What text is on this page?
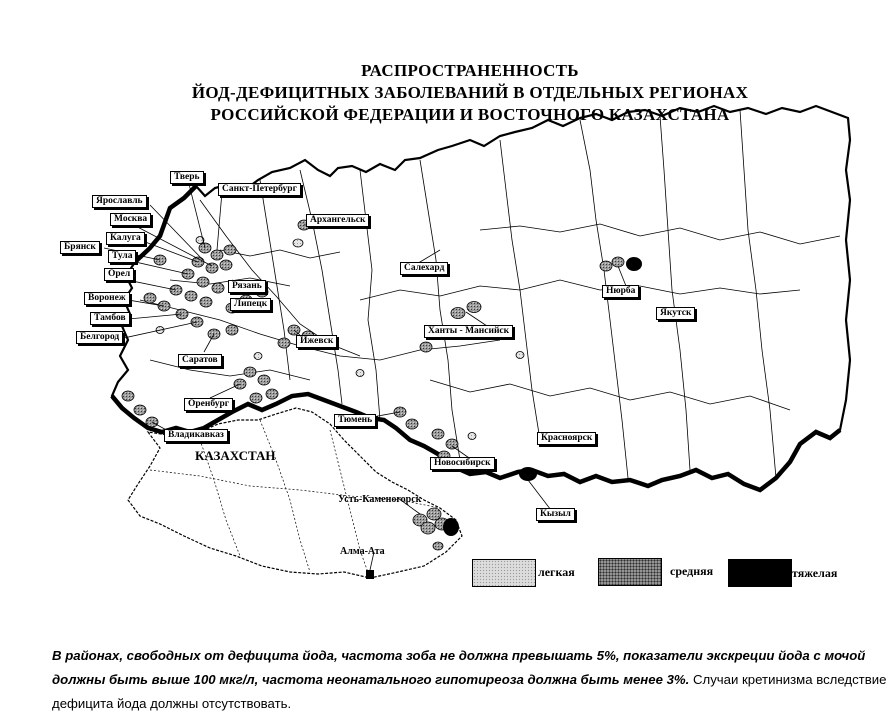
РАСПРОСТРАНЕННОСТЬ
ЙОД-ДЕФИЦИТНЫХ ЗАБОЛЕВАНИЙ В ОТДЕЛЬНЫХ РЕГИОНАХ
РОССИЙСКОЙ ФЕДЕРАЦИИ И ВОСТОЧНОГО КАЗАХСТАНА
Тверь
Санкт-Петербург
Ярославль
Москва
Калуга
Брянск
Тула
Орел
Рязань
Воронеж
Липецк
Тамбов
Белгород
Саратов
Архангельск
Салехард
Ханты - Мансийск
Ижевск
Оренбург
Тюмень
Владикавказ
Нюрба
Якутск
Красноярск
Новосибирск
Кызыл
Усть-Каменогорск
Алма-Ата
КАЗАХСТАН
легкая	средняя	тяжелая
В районах, свободных от дефицита йода, частота зоба не должна превышать 5%, показатели экскреции йода с мочой должны быть выше 100 мкг/л, частота неонатального гипотиреоза должна быть менее 3%. Случаи кретинизма вследствие дефицита йода должны отсутствовать.
